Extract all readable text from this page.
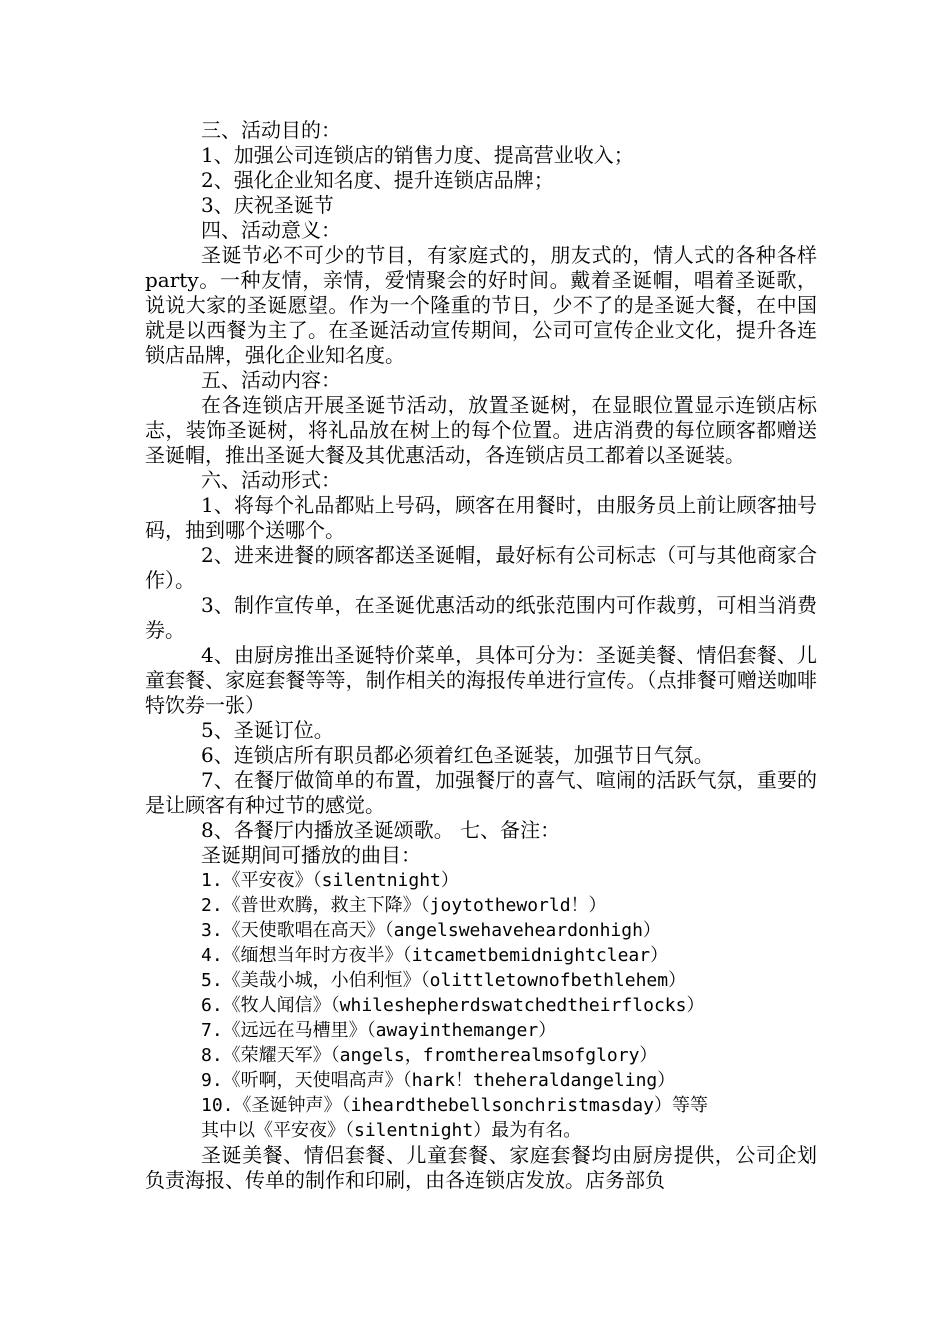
三、活动目的：

1、加强公司连锁店的销售力度、提高营业收入；

2、强化企业知名度、提升连锁店品牌；

3、庆祝圣诞节

四、活动意义：

圣诞节必不可少的节目，有家庭式的，朋友式的，情人式的各种各样 party。一种友情，亲情，爱情聚会的好时间。戴着圣诞帽，唱着圣诞歌，说说大家的圣诞愿望。作为一个隆重的节日，少不了的是圣诞大餐，在中国就是以西餐为主了。在圣诞活动宣传期间，公司可宣传企业文化，提升各连锁店品牌，强化企业知名度。

五、活动内容：

在各连锁店开展圣诞节活动，放置圣诞树，在显眼位置显示连锁店标志，装饰圣诞树，将礼品放在树上的每个位置。进店消费的每位顾客都赠送圣诞帽，推出圣诞大餐及其优惠活动，各连锁店员工都着以圣诞装。

六、活动形式：

1、将每个礼品都贴上号码，顾客在用餐时，由服务员上前让顾客抽号码，抽到哪个送哪个。

2、进来进餐的顾客都送圣诞帽，最好标有公司标志（可与其他商家合作）。

3、制作宣传单，在圣诞优惠活动的纸张范围内可作裁剪，可相当消费券。

4、由厨房推出圣诞特价菜单，具体可分为：圣诞美餐、情侣套餐、儿童套餐、家庭套餐等等，制作相关的海报传单进行宣传。（点排餐可赠送咖啡特饮券一张）

5、圣诞订位。

6、连锁店所有职员都必须着红色圣诞装，加强节日气氛。

7、在餐厅做简单的布置，加强餐厅的喜气、喧闹的活跃气氛，重要的是让顾客有种过节的感觉。

8、各餐厅内播放圣诞颂歌。 七、备注：

圣诞期间可播放的曲目：

1.《平安夜》（silentnight）

2.《普世欢腾，救主下降》（joytotheworld！）

3.《天使歌唱在高天》（angelswehaveheardonhigh）

4.《缅想当年时方夜半》（itcametbemidnightclear）

5.《美哉小城，小伯利恒》（olittletownofbethlehem）

6.《牧人闻信》（whileshepherdswatchedtheirflocks）

7.《远远在马槽里》（awayinthemanger）

8.《荣耀天军》（angels，fromtherealmsofglory）

9.《听啊，天使唱高声》（hark！theheraldangeling）

10.《圣诞钟声》（iheardthebellsonchristmasday）等等

其中以《平安夜》（silentnight）最为有名。

圣诞美餐、情侣套餐、儿童套餐、家庭套餐均由厨房提供，公司企划负责海报、传单的制作和印刷，由各连锁店发放。店务部负
